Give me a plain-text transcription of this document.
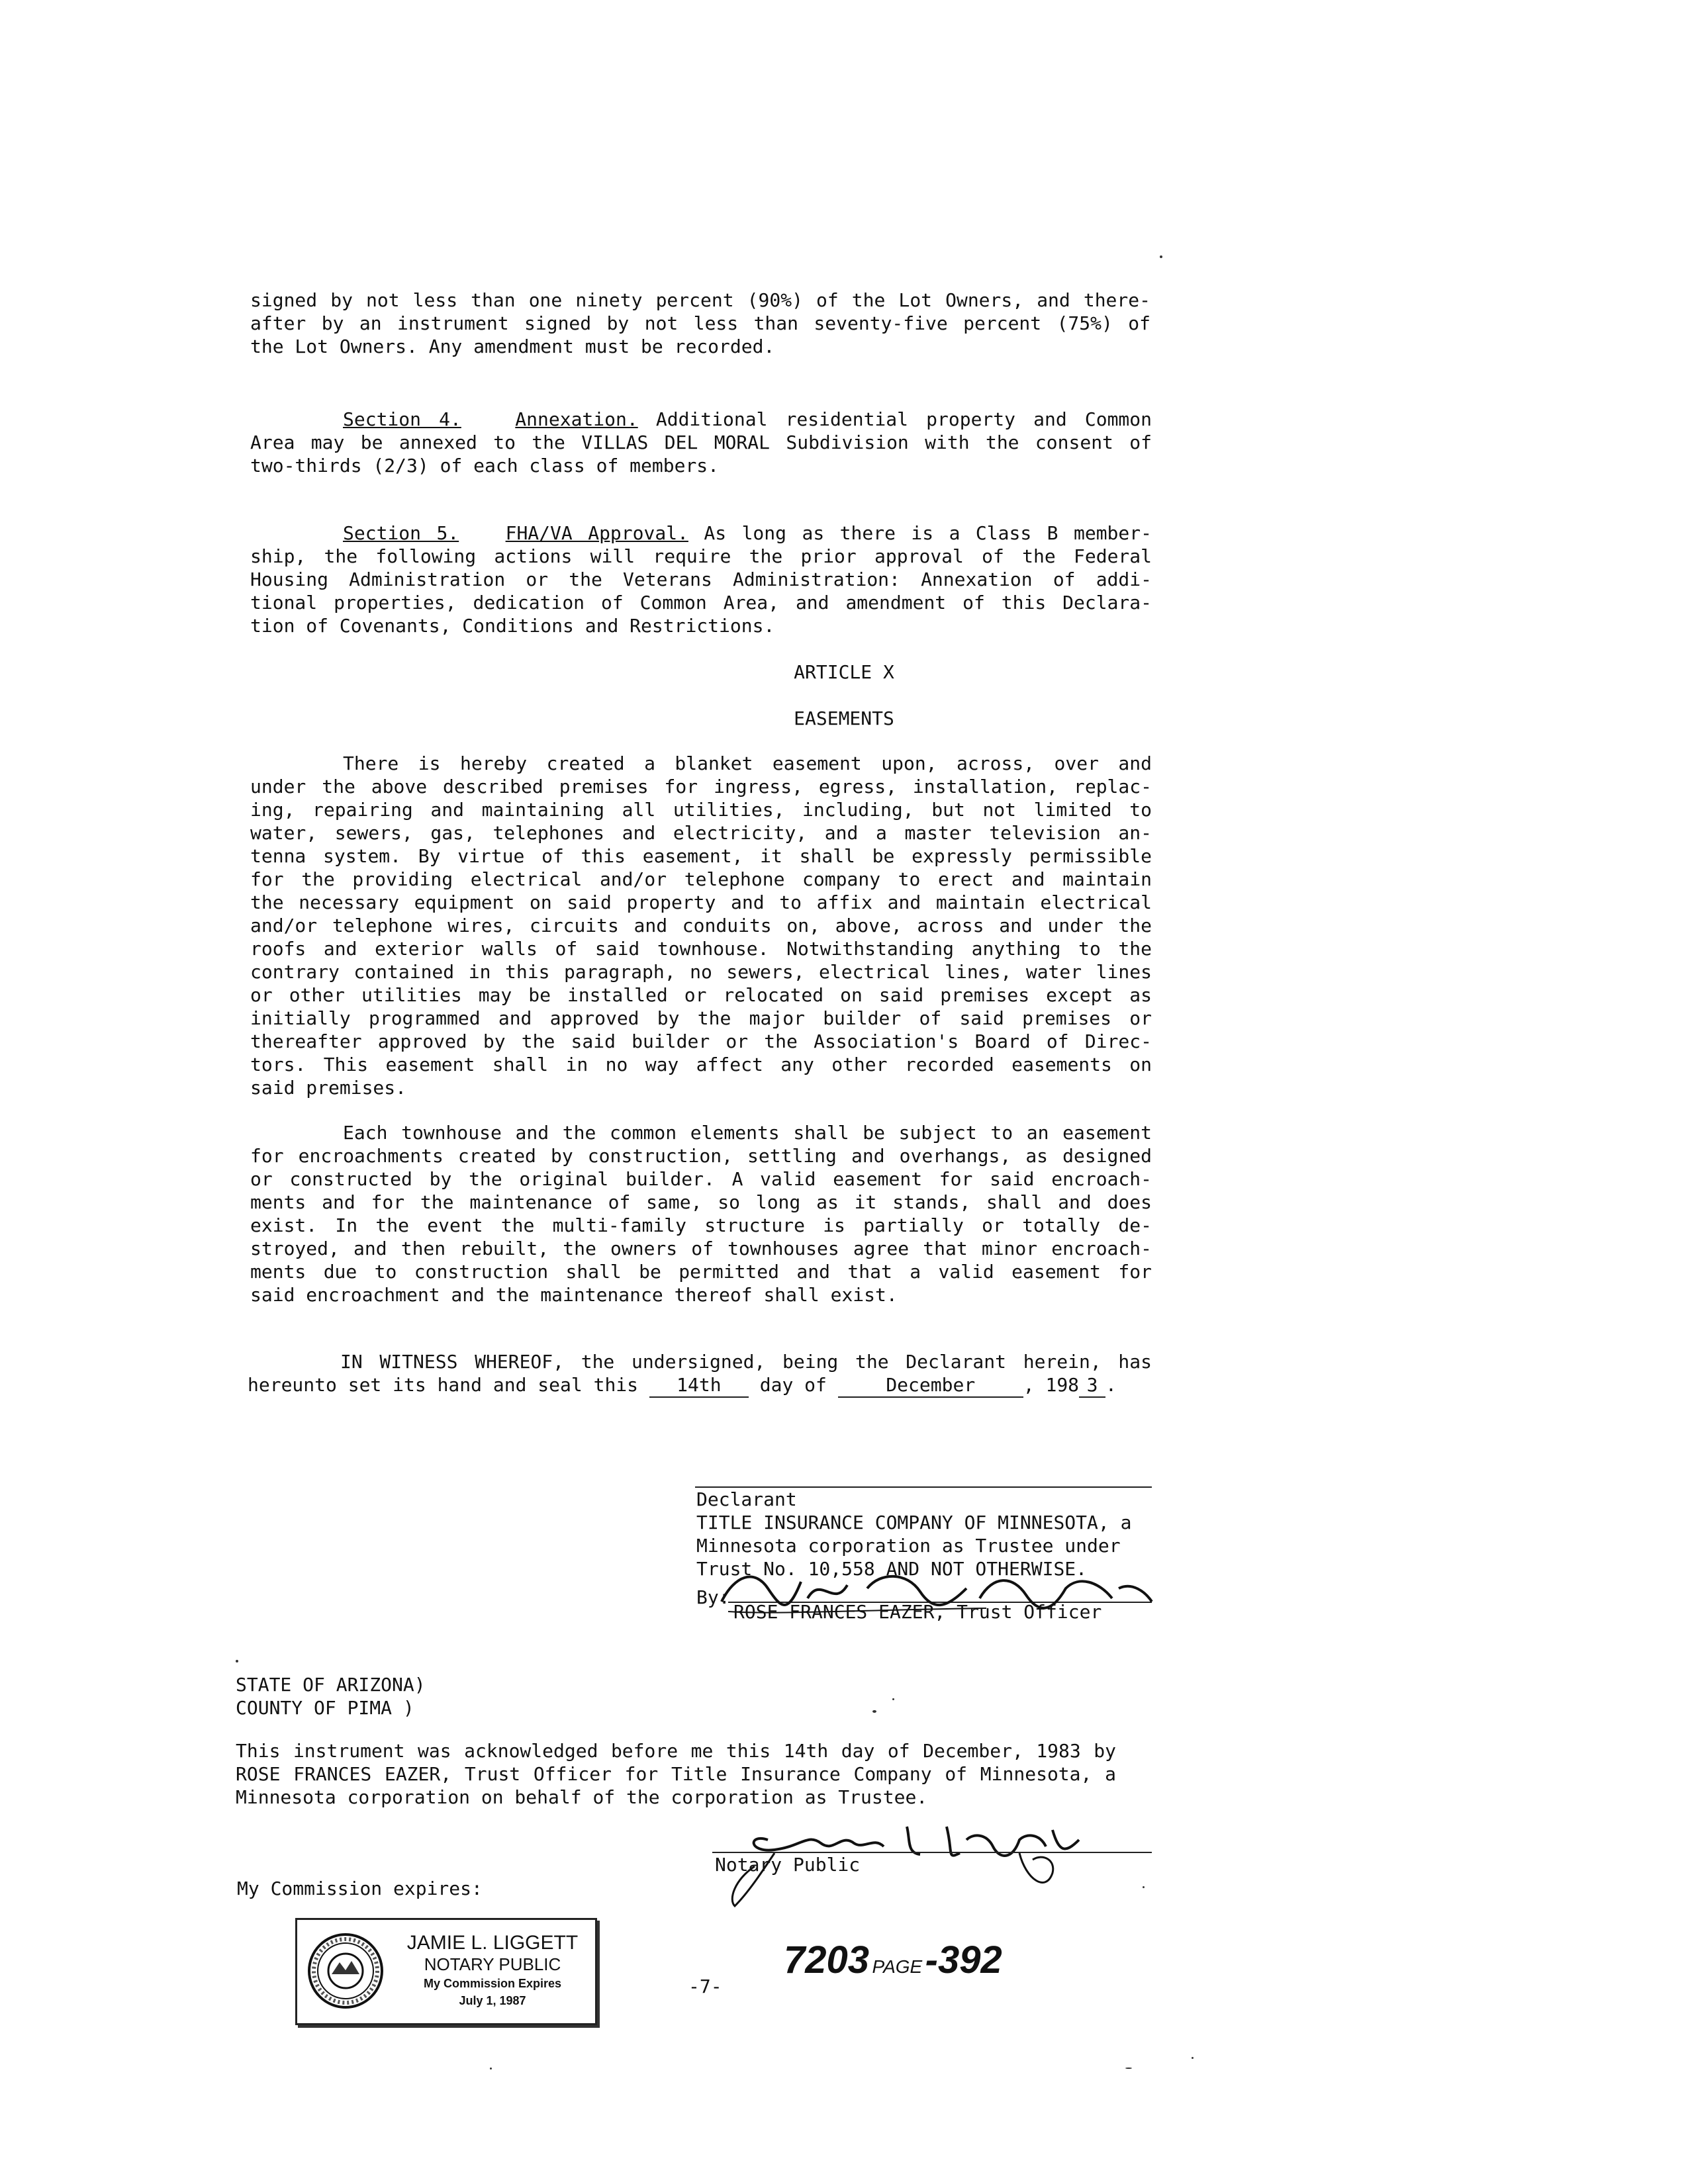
signed by not less than one ninety percent (90%) of the Lot Owners, and there-
after by an instrument signed by not less than seventy-five percent (75%) of
the Lot Owners. Any amendment must be recorded.
Section 4.	Annexation. Additional residential property and Common
Area may be annexed to the VILLAS DEL MORAL Subdivision with the consent of
two-thirds (2/3) of each class of members.
Section 5.	FHA/VA Approval. As long as there is a Class B member-
ship, the following actions will require the prior approval of the Federal
Housing Administration or the Veterans Administration: Annexation of addi-
tional properties, dedication of Common Area, and amendment of this Declara-
tion of Covenants, Conditions and Restrictions.
ARTICLE X
EASEMENTS
There is hereby created a blanket easement upon, across, over and
under the above described premises for ingress, egress, installation, replac-
ing, repairing and maintaining all utilities, including, but not limited to
water, sewers, gas, telephones and electricity, and a master television an-
tenna system. By virtue of this easement, it shall be expressly permissible
for the providing electrical and/or telephone company to erect and maintain
the necessary equipment on said property and to affix and maintain electrical
and/or telephone wires, circuits and conduits on, above, across and under the
roofs and exterior walls of said townhouse. Notwithstanding anything to the
contrary contained in this paragraph, no sewers, electrical lines, water lines
or other utilities may be installed or relocated on said premises except as
initially programmed and approved by the major builder of said premises or
thereafter approved by the said builder or the Association's Board of Direc-
tors. This easement shall in no way affect any other recorded easements on
said premises.
Each townhouse and the common elements shall be subject to an easement
for encroachments created by construction, settling and overhangs, as designed
or constructed by the original builder. A valid easement for said encroach-
ments and for the maintenance of same, so long as it stands, shall and does
exist. In the event the multi-family structure is partially or totally de-
stroyed, and then rebuilt, the owners of townhouses agree that minor encroach-
ments due to construction shall be permitted and that a valid easement for
said encroachment and the maintenance thereof shall exist.
IN WITNESS WHEREOF, the undersigned, being the Declarant herein, has
hereunto set its hand and seal this 14th day of	December	, 198 3 .
Declarant
TITLE INSURANCE COMPANY OF MINNESOTA, a
Minnesota corporation as Trustee under
Trust No. 10,558 AND NOT OTHERWISE.
By:
ROSE FRANCES EAZER, Trust Officer
STATE OF ARIZONA)
COUNTY OF PIMA )
This instrument was acknowledged before me this 14th day of December, 1983 by
ROSE FRANCES EAZER, Trust Officer for Title Insurance Company of Minnesota, a
Minnesota corporation on behalf of the corporation as Trustee.
Notary Public
My Commission expires:
JAMIE L. LIGGETT
NOTARY PUBLIC
My Commission Expires
July 1, 1987
-7-
7203 PAGE -392
